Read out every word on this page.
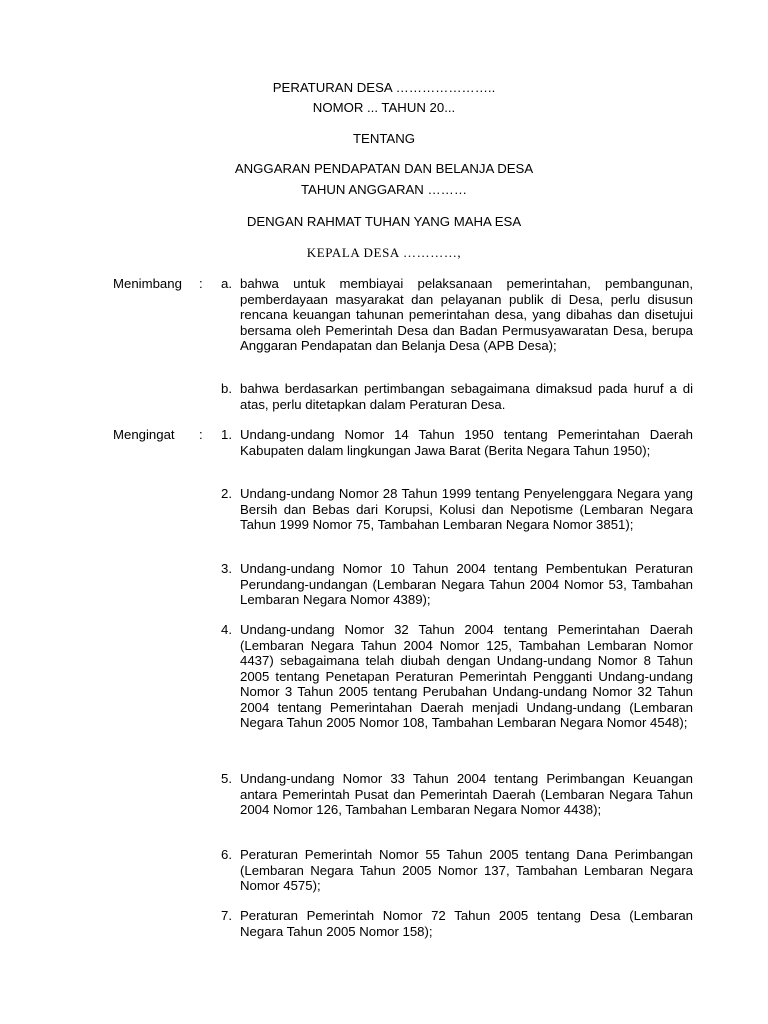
PERATURAN DESA …………………..
NOMOR ... TAHUN 20...
TENTANG
ANGGARAN PENDAPATAN DAN BELANJA DESA
TAHUN ANGGARAN ………
DENGAN RAHMAT TUHAN YANG MAHA ESA
KEPALA DESA …………,
Menimbang :	a. bahwa untuk membiayai pelaksanaan pemerintahan, pembangunan, pemberdayaan masyarakat dan pelayanan publik di Desa, perlu disusun rencana keuangan tahunan pemerintahan desa, yang dibahas dan disetujui bersama oleh Pemerintah Desa dan Badan Permusyawaratan Desa, berupa Anggaran Pendapatan dan Belanja Desa (APB Desa);
b. bahwa berdasarkan pertimbangan sebagaimana dimaksud pada huruf a di atas, perlu ditetapkan dalam Peraturan Desa.
Mengingat :	1. Undang-undang Nomor 14 Tahun 1950 tentang Pemerintahan Daerah Kabupaten dalam lingkungan Jawa Barat (Berita Negara Tahun 1950);
2. Undang-undang Nomor 28 Tahun 1999 tentang Penyelenggara Negara yang Bersih dan Bebas dari Korupsi, Kolusi dan Nepotisme (Lembaran Negara Tahun 1999 Nomor 75, Tambahan Lembaran Negara Nomor 3851);
3. Undang-undang Nomor 10 Tahun 2004 tentang Pembentukan Peraturan Perundang-undangan (Lembaran Negara Tahun 2004 Nomor 53, Tambahan Lembaran Negara Nomor 4389);
4. Undang-undang Nomor 32 Tahun 2004 tentang Pemerintahan Daerah (Lembaran Negara Tahun 2004 Nomor 125, Tambahan Lembaran Nomor 4437) sebagaimana telah diubah dengan Undang-undang Nomor 8 Tahun 2005 tentang Penetapan Peraturan Pemerintah Pengganti Undang-undang Nomor 3 Tahun 2005 tentang Perubahan Undang-undang Nomor 32 Tahun 2004 tentang Pemerintahan Daerah menjadi Undang-undang (Lembaran Negara Tahun 2005 Nomor 108, Tambahan Lembaran Negara Nomor 4548);
5. Undang-undang Nomor 33 Tahun 2004 tentang Perimbangan Keuangan antara Pemerintah Pusat dan Pemerintah Daerah (Lembaran Negara Tahun 2004 Nomor 126, Tambahan Lembaran Negara Nomor 4438);
6. Peraturan Pemerintah Nomor 55 Tahun 2005 tentang Dana Perimbangan (Lembaran Negara Tahun 2005 Nomor 137, Tambahan Lembaran Negara Nomor 4575);
7. Peraturan Pemerintah Nomor 72 Tahun 2005 tentang Desa (Lembaran Negara Tahun 2005 Nomor 158);
